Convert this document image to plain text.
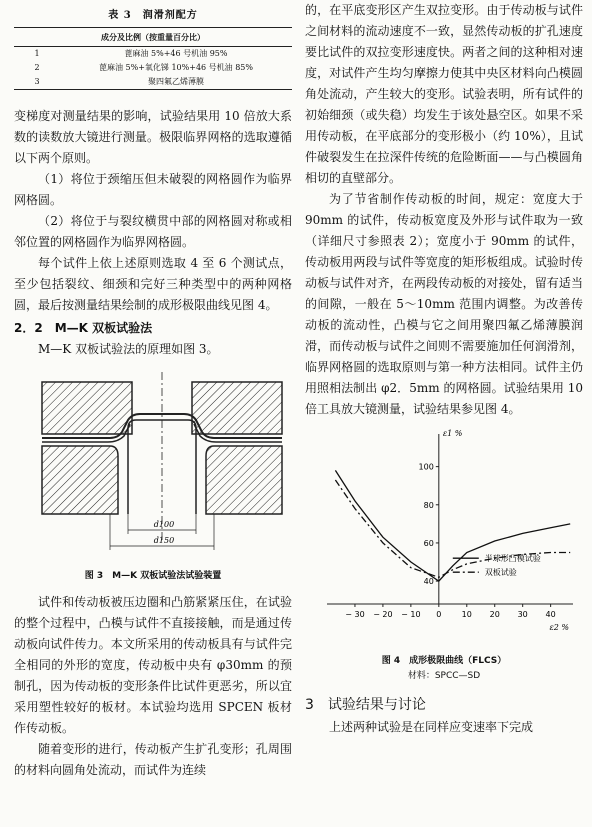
表 3　润滑剂配方
成分及比例（按重量百分比）	
1	蓖麻油 5%+46 号机油 95%
2	蓖麻油 5%+氧化锑 10%+46 号机油 85%
3	聚四氟乙烯薄膜

变梯度对测量结果的影响，试验结果用 10 倍放大系数的读数放大镜进行测量。极限临界网格的选取遵循以下两个原则。

（1）将位于颈缩压但未破裂的网格圆作为临界网格圆。

（2）将位于与裂纹横贯中部的网格圆对称或相邻位置的网格圆作为临界网格圆。

每个试件上依上述原则选取 4 至 6 个测试点，至少包括裂纹、细颈和完好三种类型中的两种网格圆，最后按测量结果绘制的成形极限曲线见图 4。

2．2　M—K 双板试验法

M—K 双板试验法的原理如图 3。

d100
d150
图 3　M—K 双板试验法试验装置

试件和传动板被压边圈和凸筋紧紧压住，在试验的整个过程中，凸模与试件不直接接触，而是通过传动板向试件传力。本文所采用的传动板具有与试件完全相同的外形的宽度，传动板中央有 φ30mm 的预制孔，因为传动板的变形条件比试件更恶劣，所以宜采用塑性较好的板材。本试验均选用 SPCEN 板材作传动板。

随着变形的进行，传动板产生扩孔变形；孔周围的材料向圆角处流动，而试件为连续

的，在平底变形区产生双拉变形。由于传动板与试件之间材料的流动速度不一致，显然传动板的扩孔速度要比试件的双拉变形速度快。两者之间的这种相对速度，对试件产生均匀摩擦力使其中央区材料向凸模圆角处流动，产生较大的变形。试验表明，所有试件的初始细颈（或失稳）均发生于该处悬空区。如果不采用传动板，在平底部分的变形极小（约 10%），且试件破裂发生在拉深件传统的危险断面——与凸模圆角相切的直壁部分。

为了节省制作传动板的时间，规定：宽度大于 90mm 的试件，传动板宽度及外形与试件取为一致（详细尺寸参照表 2）；宽度小于 90mm 的试件，传动板用两段与试件等宽度的矩形板组成。试验时传动板与试件对齐，在两段传动板的对接处，留有适当的间隙，一般在 5～10mm 范围内调整。为改善传动板的流动性，凸模与它之间用聚四氟乙烯薄膜润滑，而传动板与试件之间则不需要施加任何润滑剂，临界网格圆的选取原则与第一种方法相同。试件主仍用照相法制出 φ2．5mm 的网格圆。试验结果用 10 倍工具放大镜测量，试验结果参见图 4。

ε1 %
ε2 %
− 30 − 20 − 10 0	10 20 30 40
40
60
80
100
半球形凸模试验
双板试验
图 4　成形极限曲线（FLCS）
材料：SPCC—SD
3 试验结果与讨论

上述两种试验是在同样应变速率下完成
